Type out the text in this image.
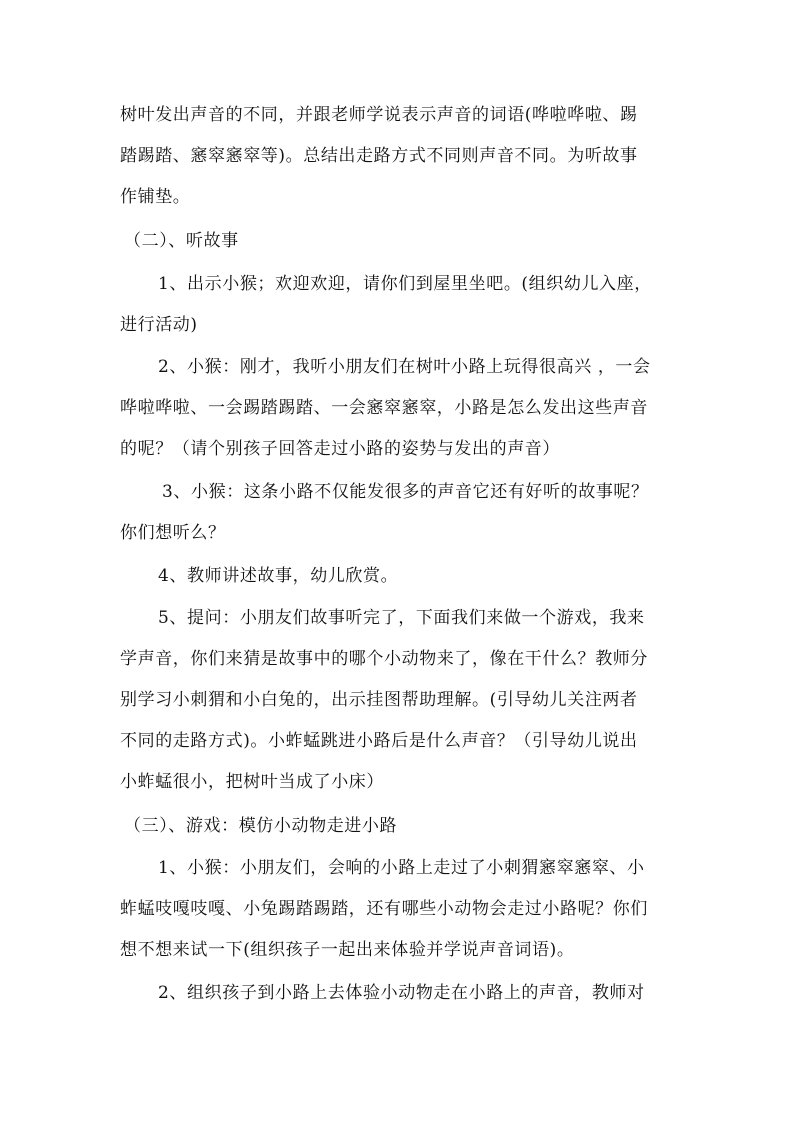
树叶发出声音的不同，并跟老师学说表示声音的词语(哗啦哗啦、踢
踏踢踏、窸窣窸窣等)。总结出走路方式不同则声音不同。为听故事
作铺垫。
（二）、听故事
1、出示小猴；欢迎欢迎，请你们到屋里坐吧。(组织幼儿入座，
进行活动)
2、小猴：刚才，我听小朋友们在树叶小路上玩得很高兴 ，一会
哗啦哗啦、一会踢踏踢踏、一会窸窣窸窣，小路是怎么发出这些声音
的呢？（请个别孩子回答走过小路的姿势与发出的声音）
3、小猴：这条小路不仅能发很多的声音它还有好听的故事呢？
你们想听么？
4、教师讲述故事，幼儿欣赏。
5、提问：小朋友们故事听完了，下面我们来做一个游戏，我来
学声音，你们来猜是故事中的哪个小动物来了，像在干什么？教师分
别学习小刺猬和小白兔的，出示挂图帮助理解。(引导幼儿关注两者
不同的走路方式)。小蚱蜢跳进小路后是什么声音？（引导幼儿说出
小蚱蜢很小，把树叶当成了小床）
（三）、游戏：模仿小动物走进小路
1、小猴：小朋友们，会响的小路上走过了小刺猬窸窣窸窣、小
蚱蜢吱嘎吱嘎、小兔踢踏踢踏，还有哪些小动物会走过小路呢？你们
想不想来试一下(组织孩子一起出来体验并学说声音词语)。
2、组织孩子到小路上去体验小动物走在小路上的声音，教师对
